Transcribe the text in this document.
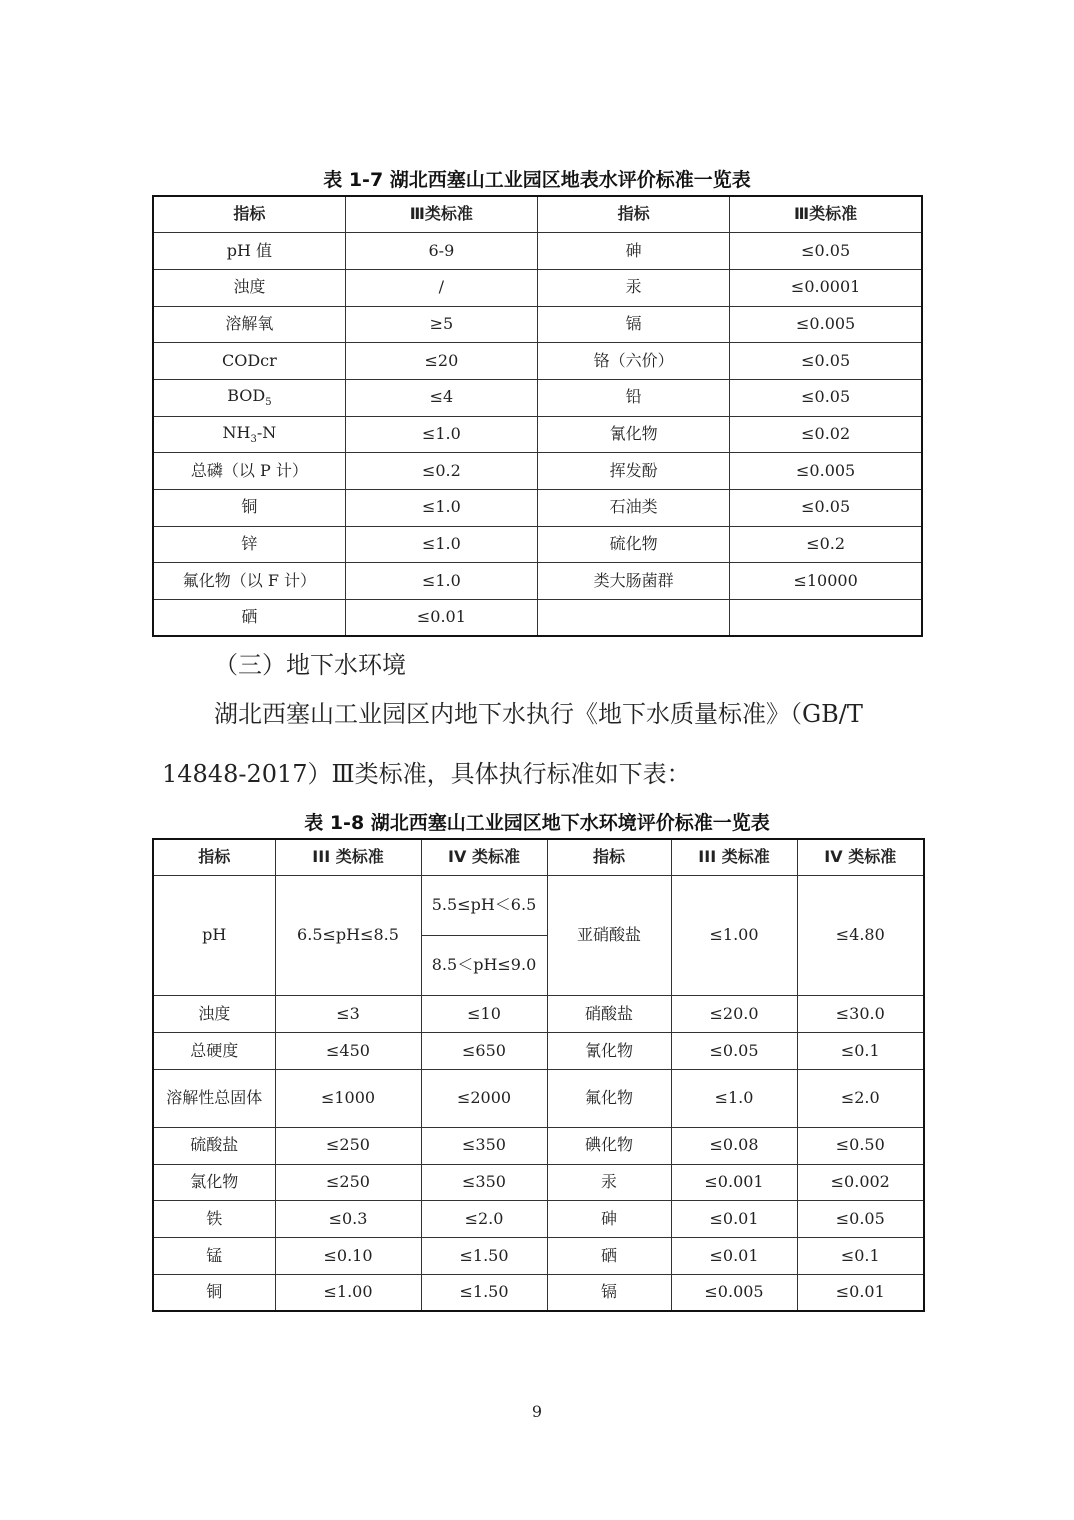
表 1-7 湖北西塞山工业园区地表水评价标准一览表
指标	Ⅲ类标准	指标	Ⅲ类标准
pH 值	6-9	砷	≤0.05
浊度	/	汞	≤0.0001
溶解氧	≥5	镉	≤0.005
CODcr	≤20	铬（六价）	≤0.05
$BOD_5$	≤4	铅	≤0.05
$NH_3-N$	≤1.0	氰化物	≤0.02
总磷（以 P 计）	≤0.2	挥发酚	≤0.005
铜	≤1.0	石油类	≤0.05
锌	≤1.0	硫化物	≤0.2
氟化物（以 F 计）	≤1.0	类大肠菌群	≤10000
硒	≤0.01		
（三）地下水环境
湖北西塞山工业园区内地下水执行《地下水质量标准》（GB/T
14848-2017）Ⅲ类标准，具体执行标准如下表：
表 1-8 湖北西塞山工业园区地下水环境评价标准一览表
指标	III 类标准	IV 类标准	指标	III 类标准	IV 类标准
pH	6.5≤pH≤8.5	5.5≤pH＜6.5	亚硝酸盐	≤1.00	≤4.80
		8.5＜pH≤9.0			
浊度	≤3	≤10	硝酸盐	≤20.0	≤30.0
总硬度	≤450	≤650	氰化物	≤0.05	≤0.1
溶解性总固体	≤1000	≤2000	氟化物	≤1.0	≤2.0
硫酸盐	≤250	≤350	碘化物	≤0.08	≤0.50
氯化物	≤250	≤350	汞	≤0.001	≤0.002
铁	≤0.3	≤2.0	砷	≤0.01	≤0.05
锰	≤0.10	≤1.50	硒	≤0.01	≤0.1
铜	≤1.00	≤1.50	镉	≤0.005	≤0.01
9
